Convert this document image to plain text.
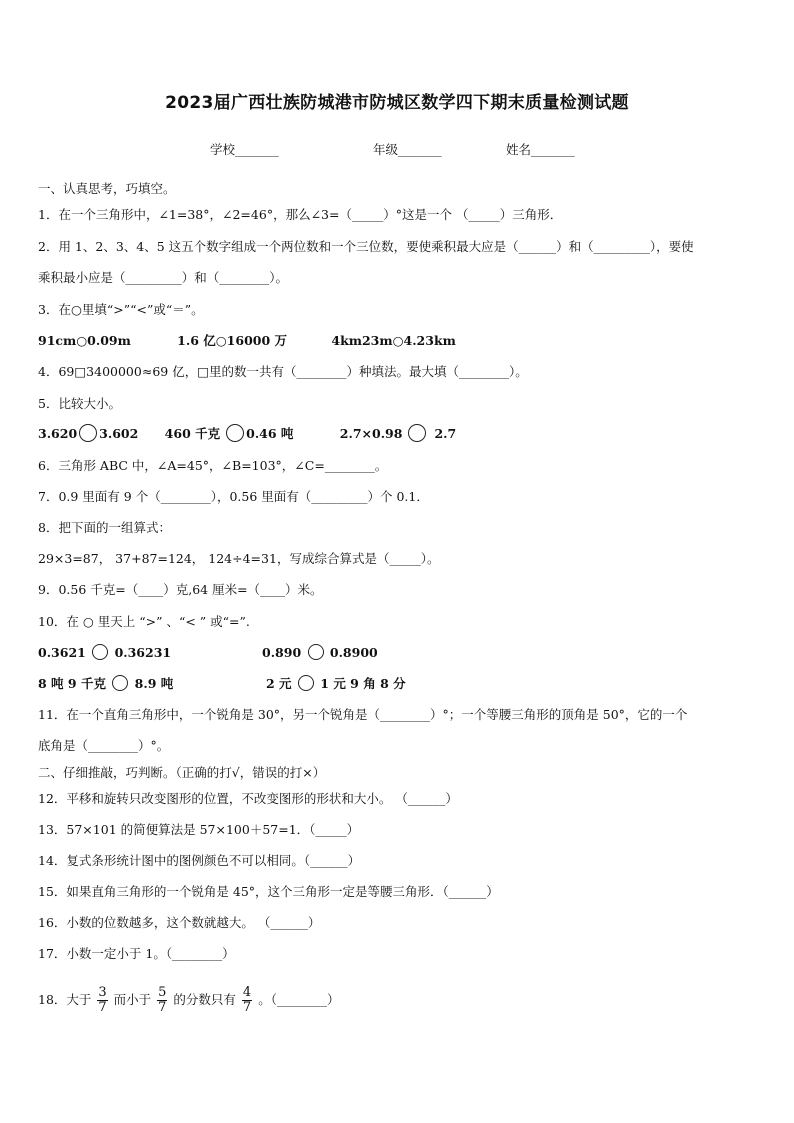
2023届广西壮族防城港市防城区数学四下期末质量检测试题
学校_______	年级_______	姓名_______
一、认真思考，巧填空。
1．在一个三角形中，∠1=38°，∠2=46°，那么∠3=（_____）°这是一个 （_____）三角形．
2．用 1、2、3、4、5 这五个数字组成一个两位数和一个三位数，要使乘积最大应是（______）和（_________），要使
乘积最小应是（_________）和（________）。
3．在○里填“>”“<”或“＝”。
91cm○0.09m	1.6 亿○16000 万	4km23m○4.23km
4．69□3400000≈69 亿，□里的数一共有（________）种填法。最大填（________）。
5．比较大小。
3.620 3.602 460 千克 0.46 吨	2.7×0.98	2.7
6．三角形 ABC 中，∠A=45°，∠B=103°，∠C=________。
7．0.9 里面有 9 个（________），0.56 里面有（_________）个 0.1．
8．把下面的一组算式：
29×3=87， 37+87=124， 124÷4=31，写成综合算式是（_____）。
9．0.56 千克=（____）克,64 厘米=（____）米。
10．在 ○ 里天上 “>” 、“< ” 或“=”.
0.3621 0.36231	0.890 0.8900
8 吨 9 千克 8.9 吨	2 元 1 元 9 角 8 分
11．在一个直角三角形中，一个锐角是 30°，另一个锐角是（________）°；一个等腰三角形的顶角是 50°，它的一个
底角是（________）°。
二、仔细推敲，巧判断。（正确的打√，错误的打×）
12．平移和旋转只改变图形的位置，不改变图形的形状和大小。 （______）
13．57×101 的简便算法是 57×100＋57=1．（_____）
14．复式条形统计图中的图例颜色不可以相同。（______）
15．如果直角三角形的一个锐角是 45°，这个三角形一定是等腰三角形．（______）
16．小数的位数越多，这个数就越大。 （______）
17．小数一定小于 1。（________）
18．大于 $\frac{3}{7}$ 而小于 $\frac{5}{7}$ 的分数只有 $\frac{4}{7}$ 。（________）
